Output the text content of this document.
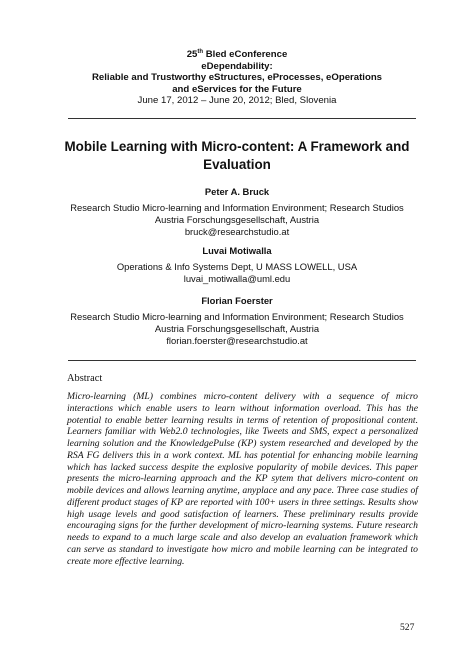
25th Bled eConference
eDependability:
Reliable and Trustworthy eStructures, eProcesses, eOperations
and eServices for the Future
June 17, 2012 – June 20, 2012; Bled, Slovenia
Mobile Learning with Micro-content: A Framework and
Evaluation
Peter A. Bruck
Research Studio Micro-learning and Information Environment; Research Studios
Austria Forschungsgesellschaft, Austria
bruck@researchstudio.at
Luvai Motiwalla
Operations & Info Systems Dept, U MASS LOWELL, USA
luvai_motiwalla@uml.edu
Florian Foerster
Research Studio Micro-learning and Information Environment; Research Studios
Austria Forschungsgesellschaft, Austria
florian.foerster@researchstudio.at
Abstract
Micro-learning (ML) combines micro-content delivery with a sequence of micro interactions which enable users to learn without information overload. This has the potential to enable better learning results in terms of retention of propositional content. Learners familiar with Web2.0 technologies, like Tweets and SMS, expect a personalized learning solution and the KnowledgePulse (KP) system researched and developed by the RSA FG delivers this in a work context. ML has potential for enhancing mobile learning which has lacked success despite the explosive popularity of mobile devices. This paper presents the micro-learning approach and the KP sytem that delivers micro-content on mobile devices and allows learning anytime, anyplace and any pace. Three case studies of different product stages of KP are reported with 100+ users in three settings. Results show high usage levels and good satisfaction of learners. These preliminary results provide encouraging signs for the further development of micro-learning systems. Future research needs to expand to a much large scale and also develop an evaluation framework which can serve as standard to investigate how micro and mobile learning can be integrated to create more effective learning.
527
